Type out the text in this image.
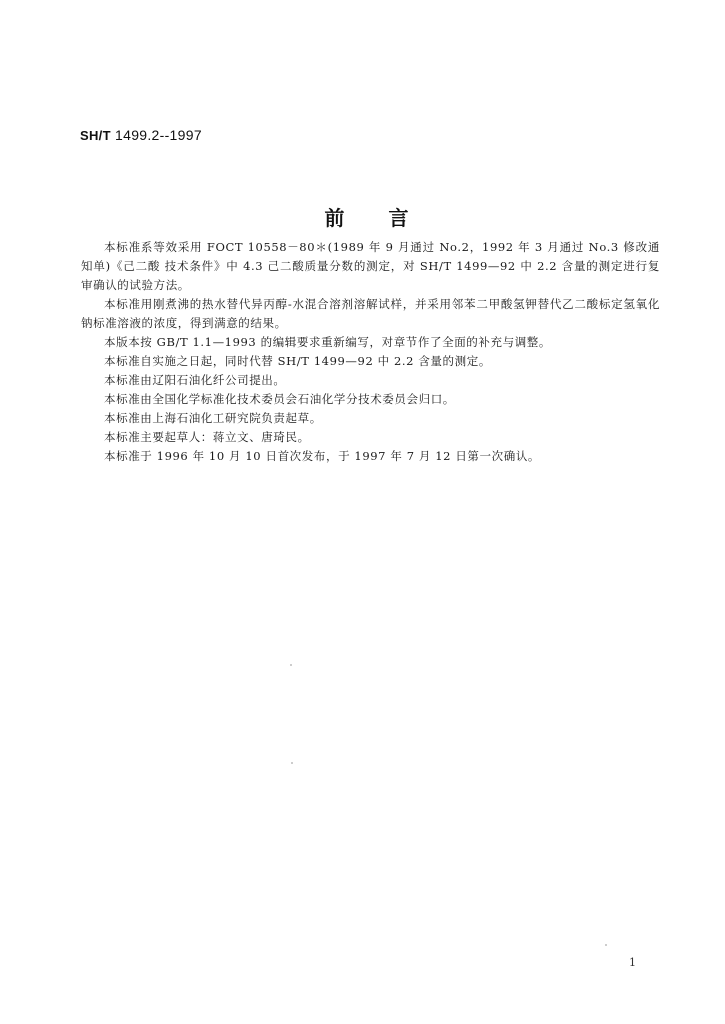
SH/T 1499.2--1997
前言

本标准系等效采用 FOCT 10558－80＊(1989 年 9 月通过 No.2，1992 年 3 月通过 No.3 修改通知单)《己二酸 技术条件》中 4.3 己二酸质量分数的测定，对 SH/T 1499—92 中 2.2 含量的测定进行复审确认的试验方法。

本标准用刚煮沸的热水替代异丙醇-水混合溶剂溶解试样，并采用邻苯二甲酸氢钾替代乙二酸标定氢氧化钠标准溶液的浓度，得到满意的结果。

本版本按 GB/T 1.1—1993 的编辑要求重新编写，对章节作了全面的补充与调整。

本标准自实施之日起，同时代替 SH/T 1499—92 中 2.2 含量的测定。

本标准由辽阳石油化纤公司提出。

本标准由全国化学标准化技术委员会石油化学分技术委员会归口。

本标准由上海石油化工研究院负责起草。

本标准主要起草人：蒋立文、唐琦民。

本标准于 1996 年 10 月 10 日首次发布，于 1997 年 7 月 12 日第一次确认。

1
